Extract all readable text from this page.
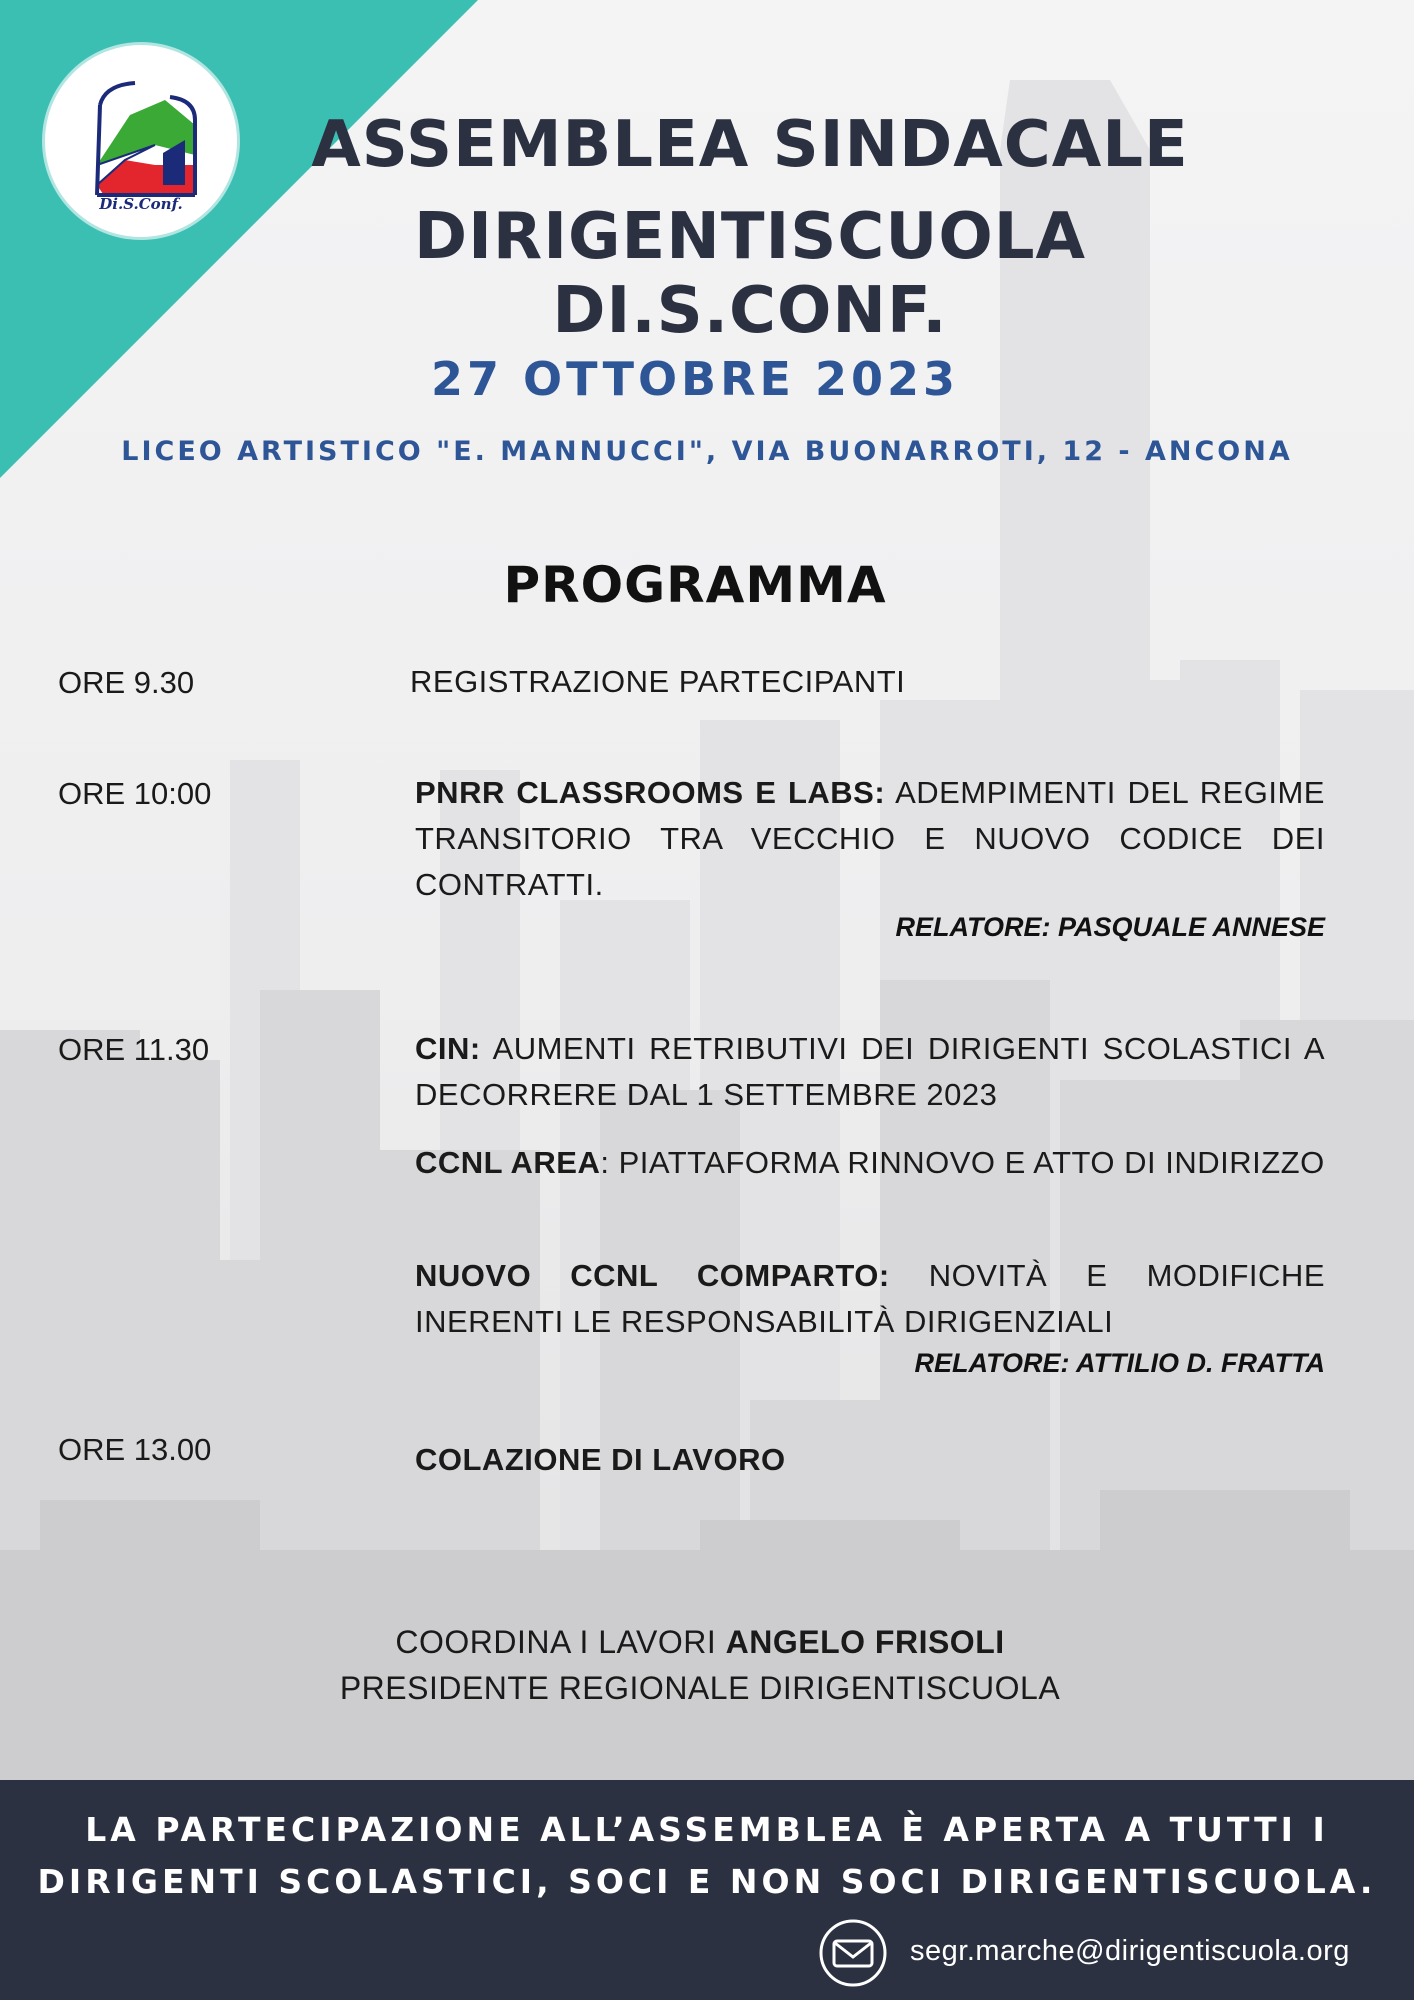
Di.S.Conf.
ASSEMBLEA SINDACALE
DIRIGENTISCUOLA DI.S.CONF.
27 OTTOBRE 2023
LICEO ARTISTICO "E. MANNUCCI", VIA BUONARROTI, 12 - ANCONA
PROGRAMMA
ORE 9.30	REGISTRAZIONE PARTECIPANTI
ORE 10:00	PNRR CLASSROOMS E LABS: ADEMPIMENTI DEL REGIME TRANSITORIO TRA VECCHIO E NUOVO CODICE DEI CONTRATTI.
RELATORE: PASQUALE ANNESE
ORE 11.30	CIN: AUMENTI RETRIBUTIVI DEI DIRIGENTI SCOLASTICI A DECORRERE DAL 1 SETTEMBRE 2023
CCNL AREA: PIATTAFORMA RINNOVO E ATTO DI INDIRIZZO
NUOVO CCNL COMPARTO: NOVITÀ E MODIFICHE INERENTI LE RESPONSABILITÀ DIRIGENZIALI
RELATORE: ATTILIO D. FRATTA
ORE 13.00	COLAZIONE DI LAVORO
COORDINA I LAVORI ANGELO FRISOLI
PRESIDENTE REGIONALE DIRIGENTISCUOLA
LA PARTECIPAZIONE ALL’ASSEMBLEA È APERTA A TUTTI I
DIRIGENTI SCOLASTICI, SOCI E NON SOCI DIRIGENTISCUOLA.
segr.marche@dirigentiscuola.org
